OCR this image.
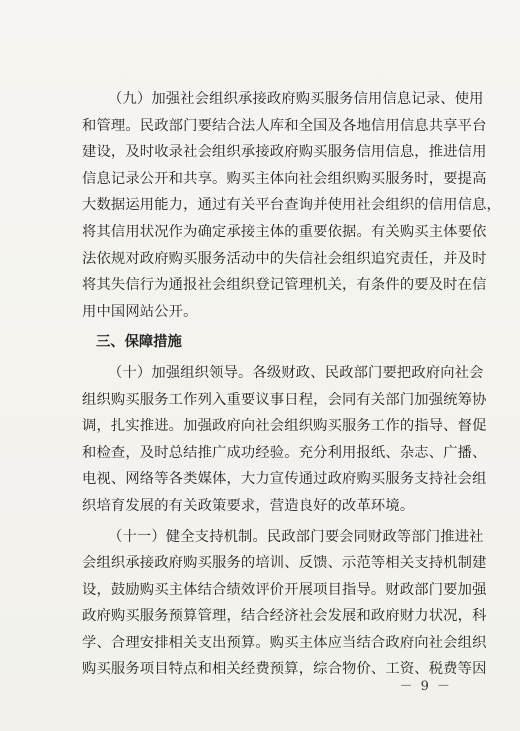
（九）加强社会组织承接政府购买服务信用信息记录、使用
和管理。民政部门要结合法人库和全国及各地信用信息共享平台
建设，及时收录社会组织承接政府购买服务信用信息，推进信用
信息记录公开和共享。购买主体向社会组织购买服务时，要提高
大数据运用能力，通过有关平台查询并使用社会组织的信用信息，
将其信用状况作为确定承接主体的重要依据。有关购买主体要依
法依规对政府购买服务活动中的失信社会组织追究责任，并及时
将其失信行为通报社会组织登记管理机关，有条件的要及时在信
用中国网站公开。

三、保障措施

（十）加强组织领导。各级财政、民政部门要把政府向社会
组织购买服务工作列入重要议事日程，会同有关部门加强统筹协
调，扎实推进。加强政府向社会组织购买服务工作的指导、督促
和检查，及时总结推广成功经验。充分利用报纸、杂志、广播、
电视、网络等各类媒体，大力宣传通过政府购买服务支持社会组
织培育发展的有关政策要求，营造良好的改革环境。

（十一）健全支持机制。民政部门要会同财政等部门推进社
会组织承接政府购买服务的培训、反馈、示范等相关支持机制建
设，鼓励购买主体结合绩效评价开展项目指导。财政部门要加强
政府购买服务预算管理，结合经济社会发展和政府财力状况，科
学、合理安排相关支出预算。购买主体应当结合政府向社会组织
购买服务项目特点和相关经费预算，综合物价、工资、税费等因

－ 9 －
